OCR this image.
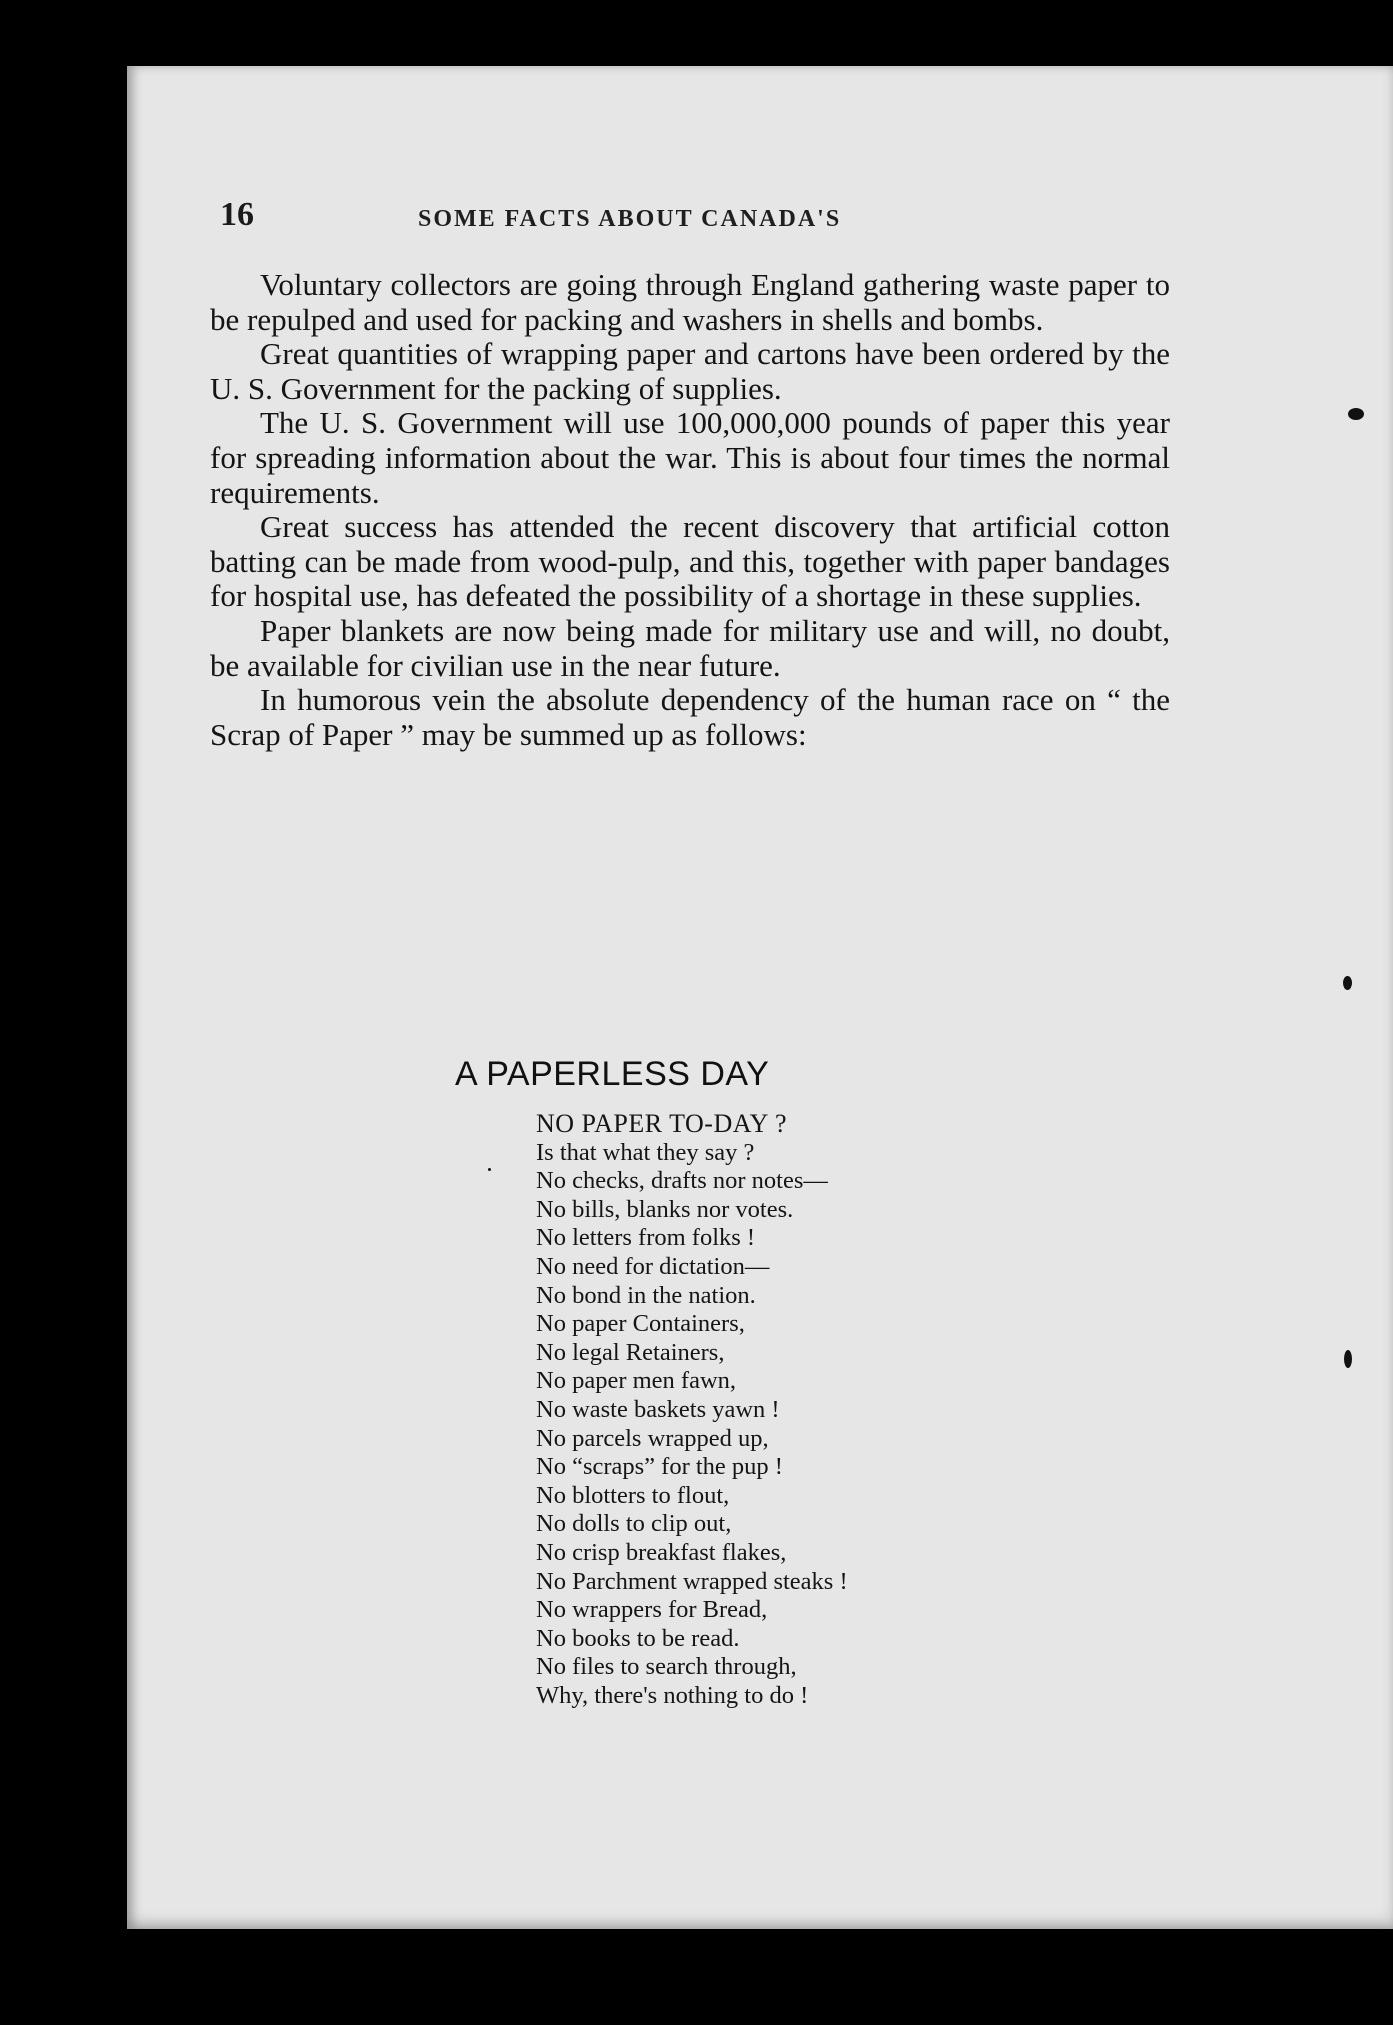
16	SOME FACTS ABOUT CANADA'S

Voluntary collectors are going through England gathering waste paper to be repulped and used for packing and washers in shells and bombs.

Great quantities of wrapping paper and cartons have been ordered by the U. S. Government for the packing of supplies.

The U. S. Government will use 100,000,000 pounds of paper this year for spreading information about the war. This is about four times the normal requirements.

Great success has attended the recent discovery that artificial cotton batting can be made from wood-pulp, and this, together with paper bandages for hospital use, has defeated the possibility of a shortage in these supplies.

Paper blankets are now being made for military use and will, no doubt, be available for civilian use in the near future.

In humorous vein the absolute dependency of the human race on “ the Scrap of Paper ” may be summed up as follows:

A PAPERLESS DAY
NO PAPER TO-DAY ?
Is that what they say ?
No checks, drafts nor notes—
No bills, blanks nor votes.
No letters from folks !
No need for dictation—
No bond in the nation.
No paper Containers,
No legal Retainers,
No paper men fawn,
No waste baskets yawn !
No parcels wrapped up,
No “scraps” for the pup !
No blotters to flout,
No dolls to clip out,
No crisp breakfast flakes,
No Parchment wrapped steaks !
No wrappers for Bread,
No books to be read.
No files to search through,
Why, there's nothing to do !
